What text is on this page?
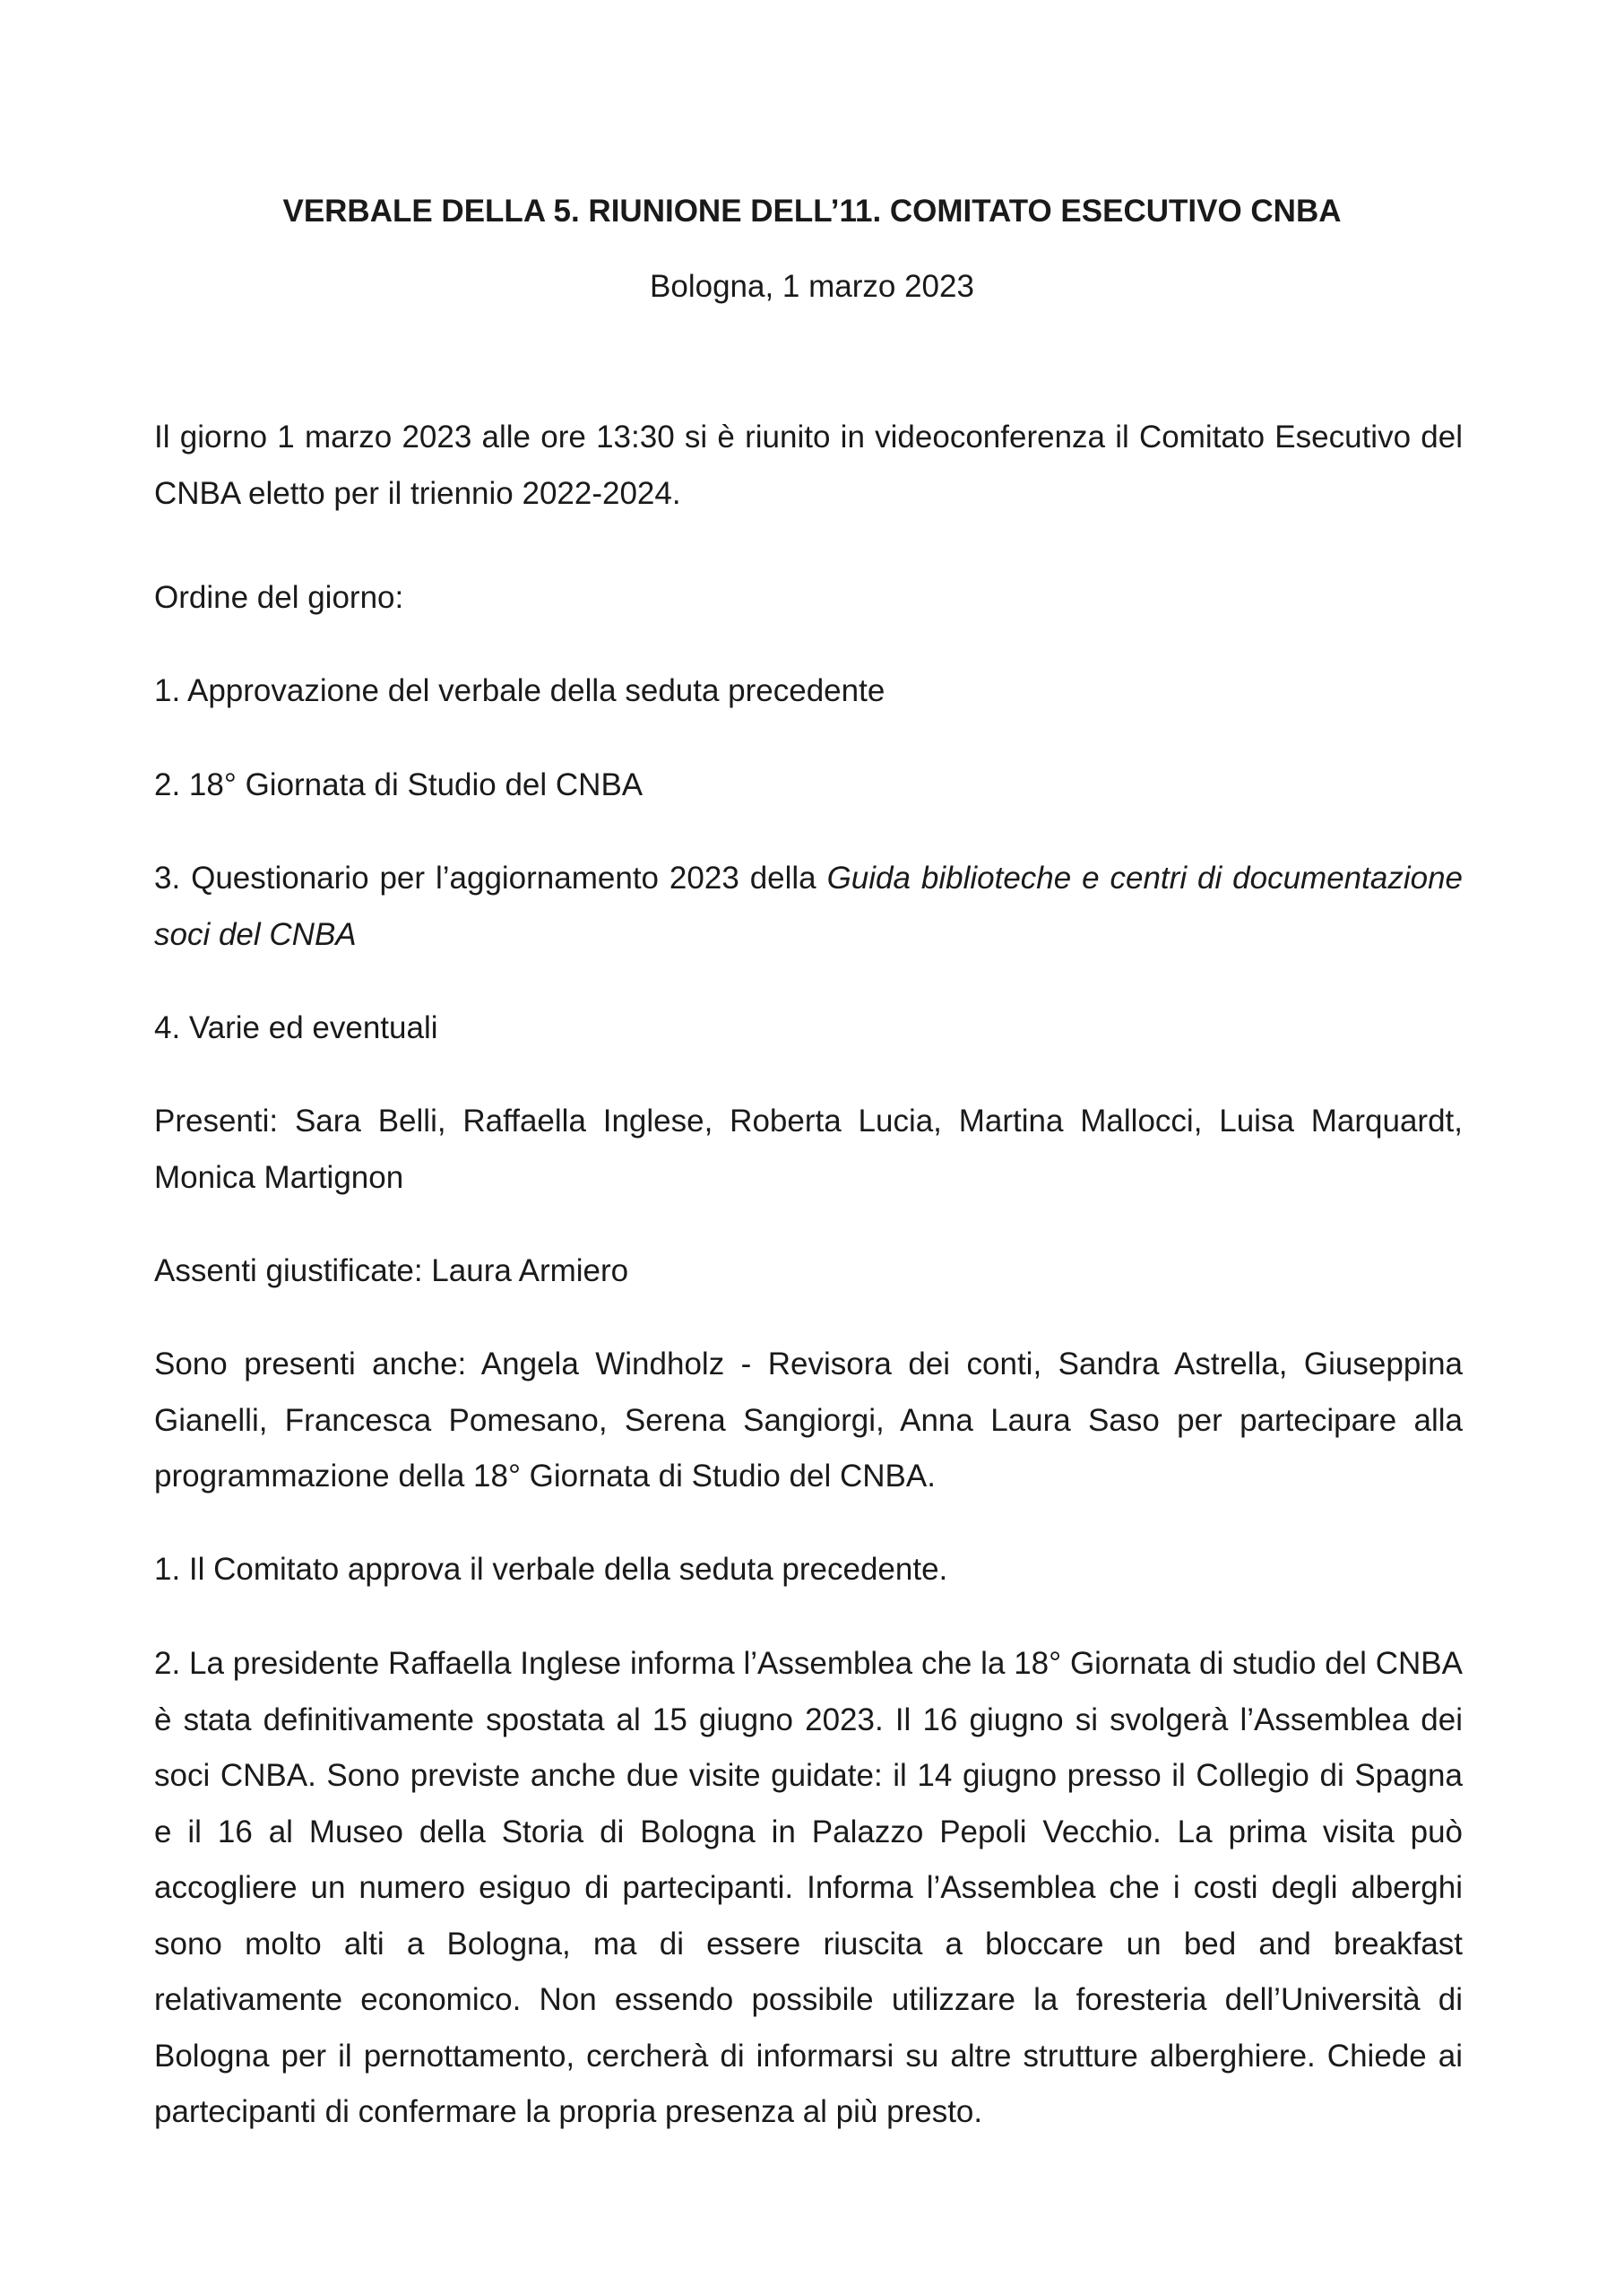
VERBALE DELLA 5. RIUNIONE DELL’11. COMITATO ESECUTIVO CNBA

Bologna, 1 marzo 2023

Il giorno 1 marzo 2023 alle ore 13:30 si è riunito in videoconferenza il Comitato Esecutivo del CNBA eletto per il triennio 2022-2024.

Ordine del giorno:

1. Approvazione del verbale della seduta precedente

2. 18° Giornata di Studio del CNBA

3. Questionario per l’aggiornamento 2023 della Guida biblioteche e centri di documentazione soci del CNBA

4. Varie ed eventuali

Presenti: Sara Belli, Raffaella Inglese, Roberta Lucia, Martina Mallocci, Luisa Marquardt, Monica Martignon

Assenti giustificate: Laura Armiero

Sono presenti anche: Angela Windholz - Revisora dei conti, Sandra Astrella, Giuseppina Gianelli, Francesca Pomesano, Serena Sangiorgi, Anna Laura Saso per partecipare alla programmazione della 18° Giornata di Studio del CNBA.

1. Il Comitato approva il verbale della seduta precedente.

2. La presidente Raffaella Inglese informa l’Assemblea che la 18° Giornata di studio del CNBA è stata definitivamente spostata al 15 giugno 2023. Il 16 giugno si svolgerà l’Assemblea dei soci CNBA. Sono previste anche due visite guidate: il 14 giugno presso il Collegio di Spagna e il 16 al Museo della Storia di Bologna in Palazzo Pepoli Vecchio. La prima visita può accogliere un numero esiguo di partecipanti. Informa l’Assemblea che i costi degli alberghi sono molto alti a Bologna, ma di essere riuscita a bloccare un bed and breakfast relativamente economico. Non essendo possibile utilizzare la foresteria dell’Università di Bologna per il pernottamento, cercherà di informarsi su altre strutture alberghiere. Chiede ai partecipanti di confermare la propria presenza al più presto.
